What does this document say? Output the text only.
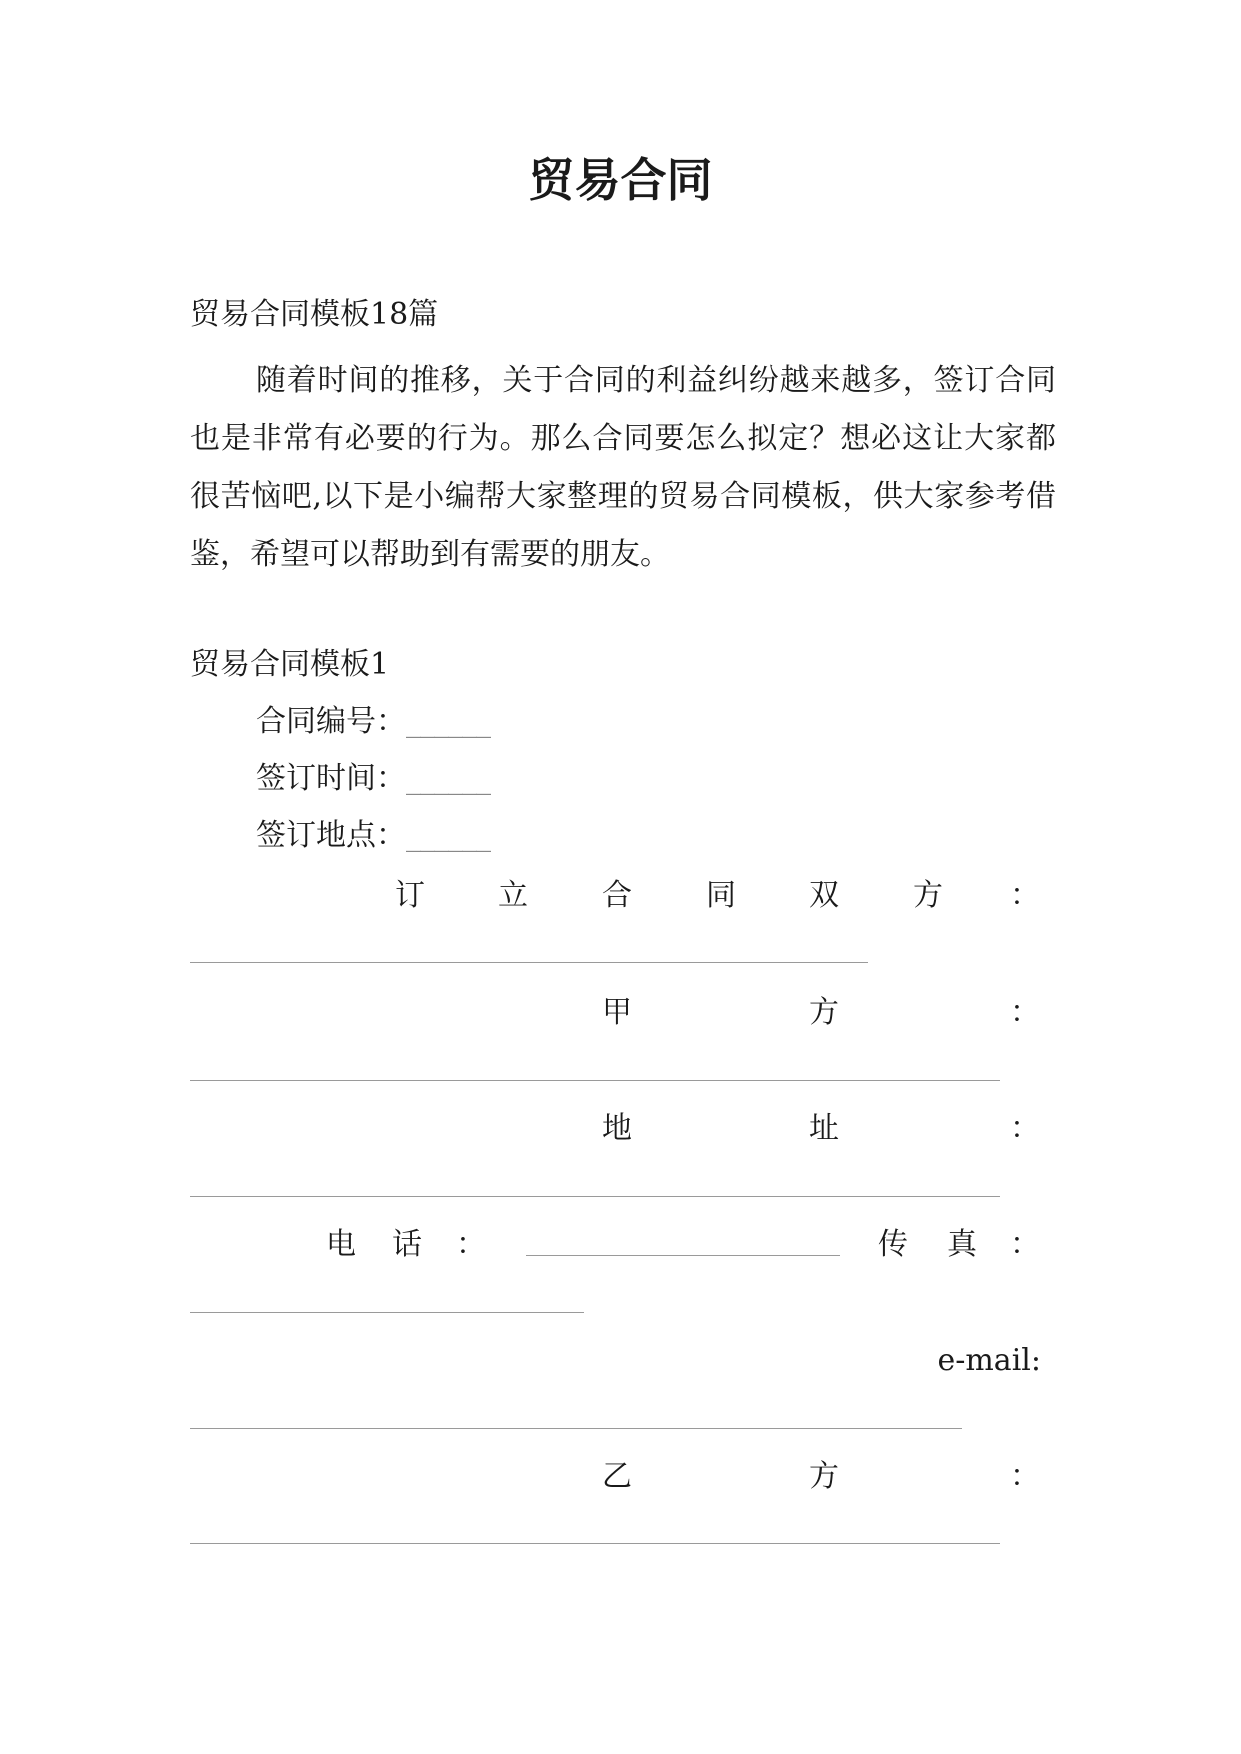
贸易合同
贸易合同模板18篇
随着时间的推移，关于合同的利益纠纷越来越多，签订合同也是非常有必要的行为。那么合同要怎么拟定？想必这让大家都很苦恼吧,以下是小编帮大家整理的贸易合同模板，供大家参考借鉴，希望可以帮助到有需要的朋友。
贸易合同模板1
合同编号：______
签订时间：______
签订地点：______
订 立 合 同 双 方 ：
甲	方	：
地	址	：
电 话 ：	传 真 ：
e-mail:
乙	方	：
